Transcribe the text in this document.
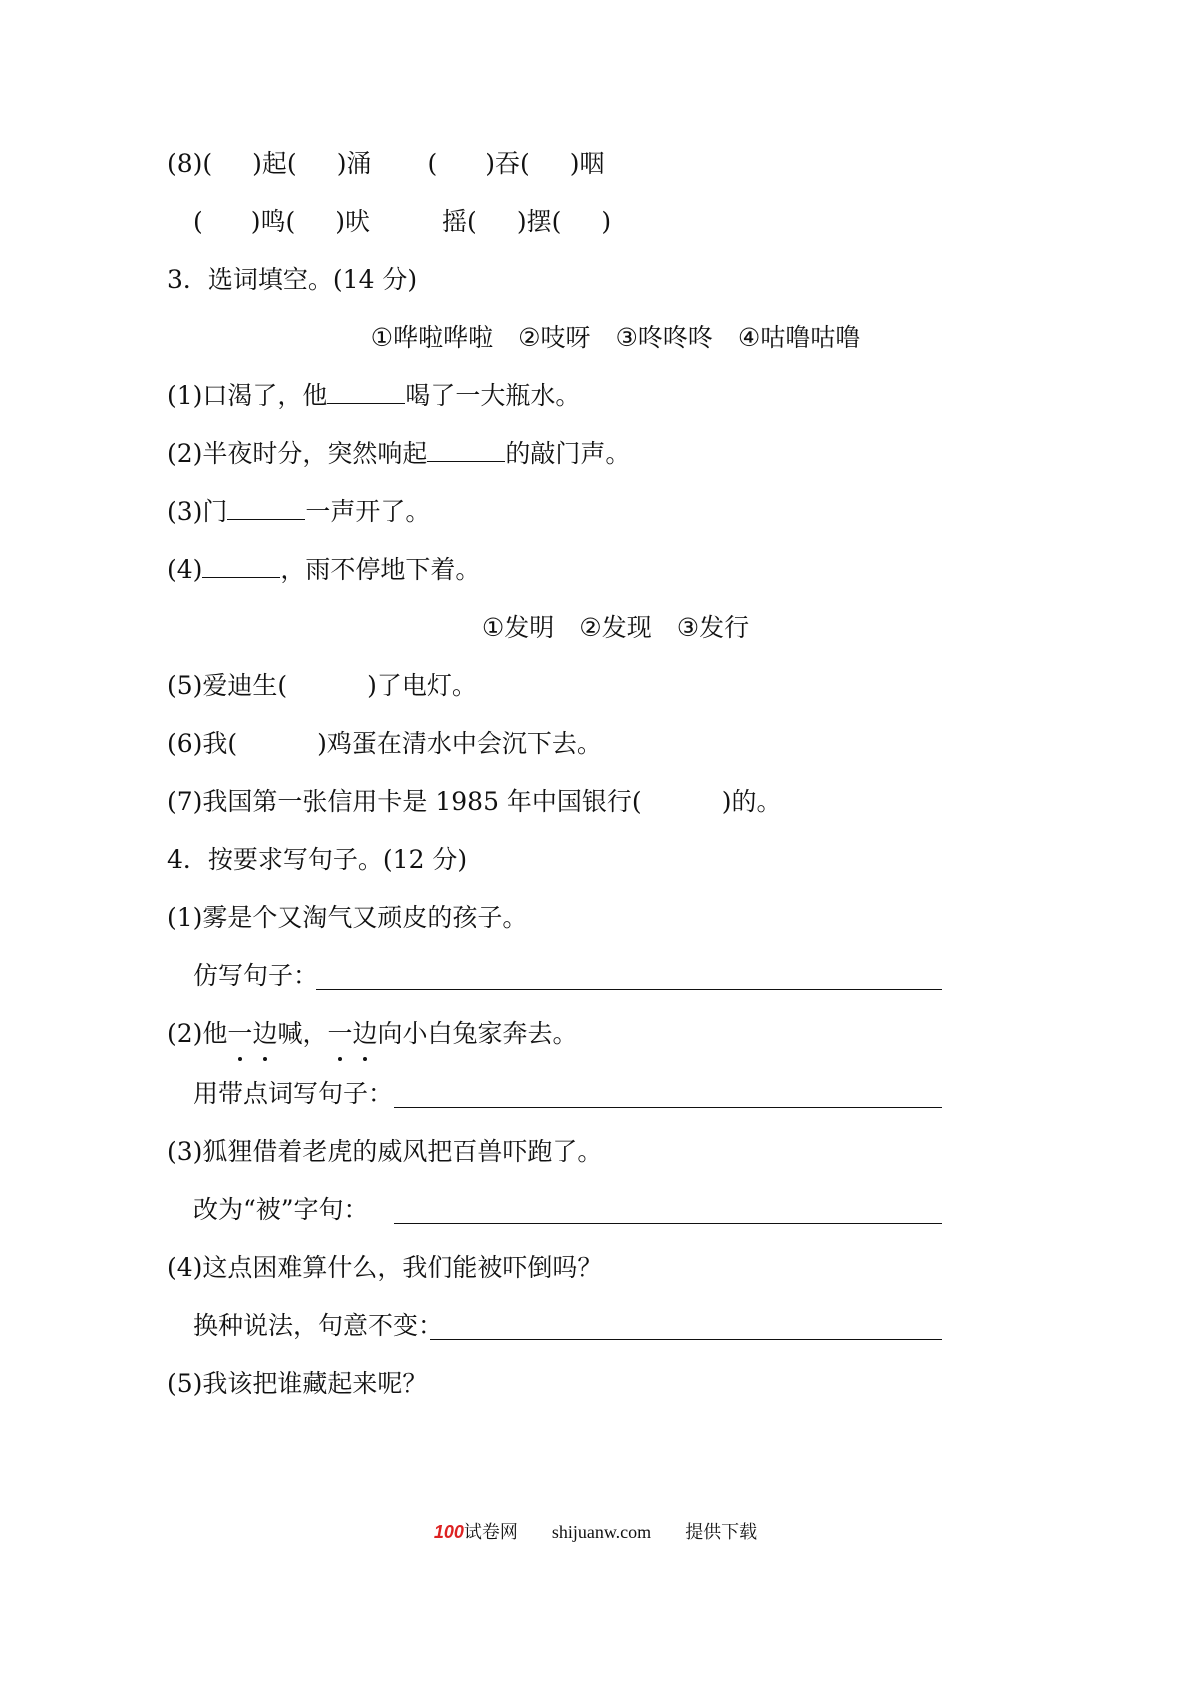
(8)( )起( )涌 ( )吞( )咽
( )鸣( )吠	摇( )摆( )
3．选词填空。(14 分)
①哗啦哗啦　②吱呀　③咚咚咚　④咕噜咕噜
(1)口渴了，他	喝了一大瓶水。
(2)半夜时分，突然响起	的敲门声。
(3)门	一声开了。
(4)	，雨不停地下着。
①发明　②发现　③发行
(5)爱迪生(	)了电灯。
(6)我(	)鸡蛋在清水中会沉下去。
(7)我国第一张信用卡是 1985 年中国银行(	)的。
4．按要求写句子。(12 分)
(1)雾是个又淘气又顽皮的孩子。
仿写句子：
(2)他一边喊，一边向小白兔家奔去。
用带点词写句子：
(3)狐狸借着老虎的威风把百兽吓跑了。
改为“被”字句：
(4)这点困难算什么，我们能被吓倒吗？
换种说法，句意不变：
(5)我该把谁藏起来呢？
100试卷网 shijuanw.com 提供下载
